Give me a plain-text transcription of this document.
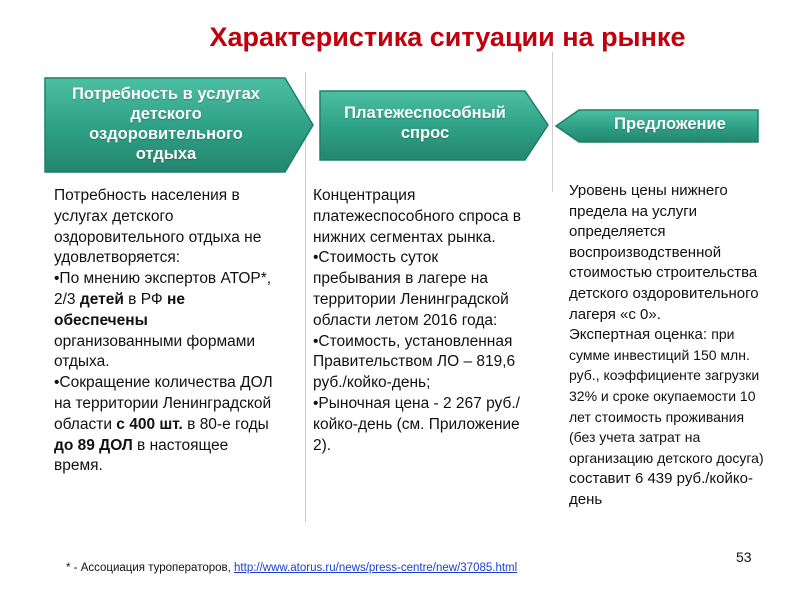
Характеристика ситуации на рынке
Потребность в услугах
детского
оздоровительного
отдыха
Платежеспособный
спрос
Предложение

Потребность населения в услугах детского оздоровительного отдыха не удовлетворяется:

•По мнению экспертов АТОР*, 2/3 детей в РФ не обеспечены организованными формами отдыха.

•Сокращение количества ДОЛ на территории Ленинградской области с 400 шт. в 80-е годы до 89 ДОЛ в настоящее время.

Концентрация платежеспособного спроса в нижних сегментах рынка.

•Стоимость суток пребывания в лагере на территории Ленинградской области летом 2016 года:

•Стоимость, установленная Правительством ЛО – 819,6 руб./койко-день;

•Рыночная цена - 2 267 руб./койко-день (см. Приложение 2).

Уровень цены нижнего предела на услуги определяется воспроизводственной стоимостью строительства детского оздоровительного лагеря «с 0».

Экспертная оценка: при сумме инвестиций 150 млн. руб., коэффициенте загрузки 32% и сроке окупаемости 10 лет стоимость проживания (без учета затрат на организацию детского досуга) составит 6 439 руб./койко-день

* - Ассоциация туроператоров, http://www.atorus.ru/news/press-centre/new/37085.html
53
